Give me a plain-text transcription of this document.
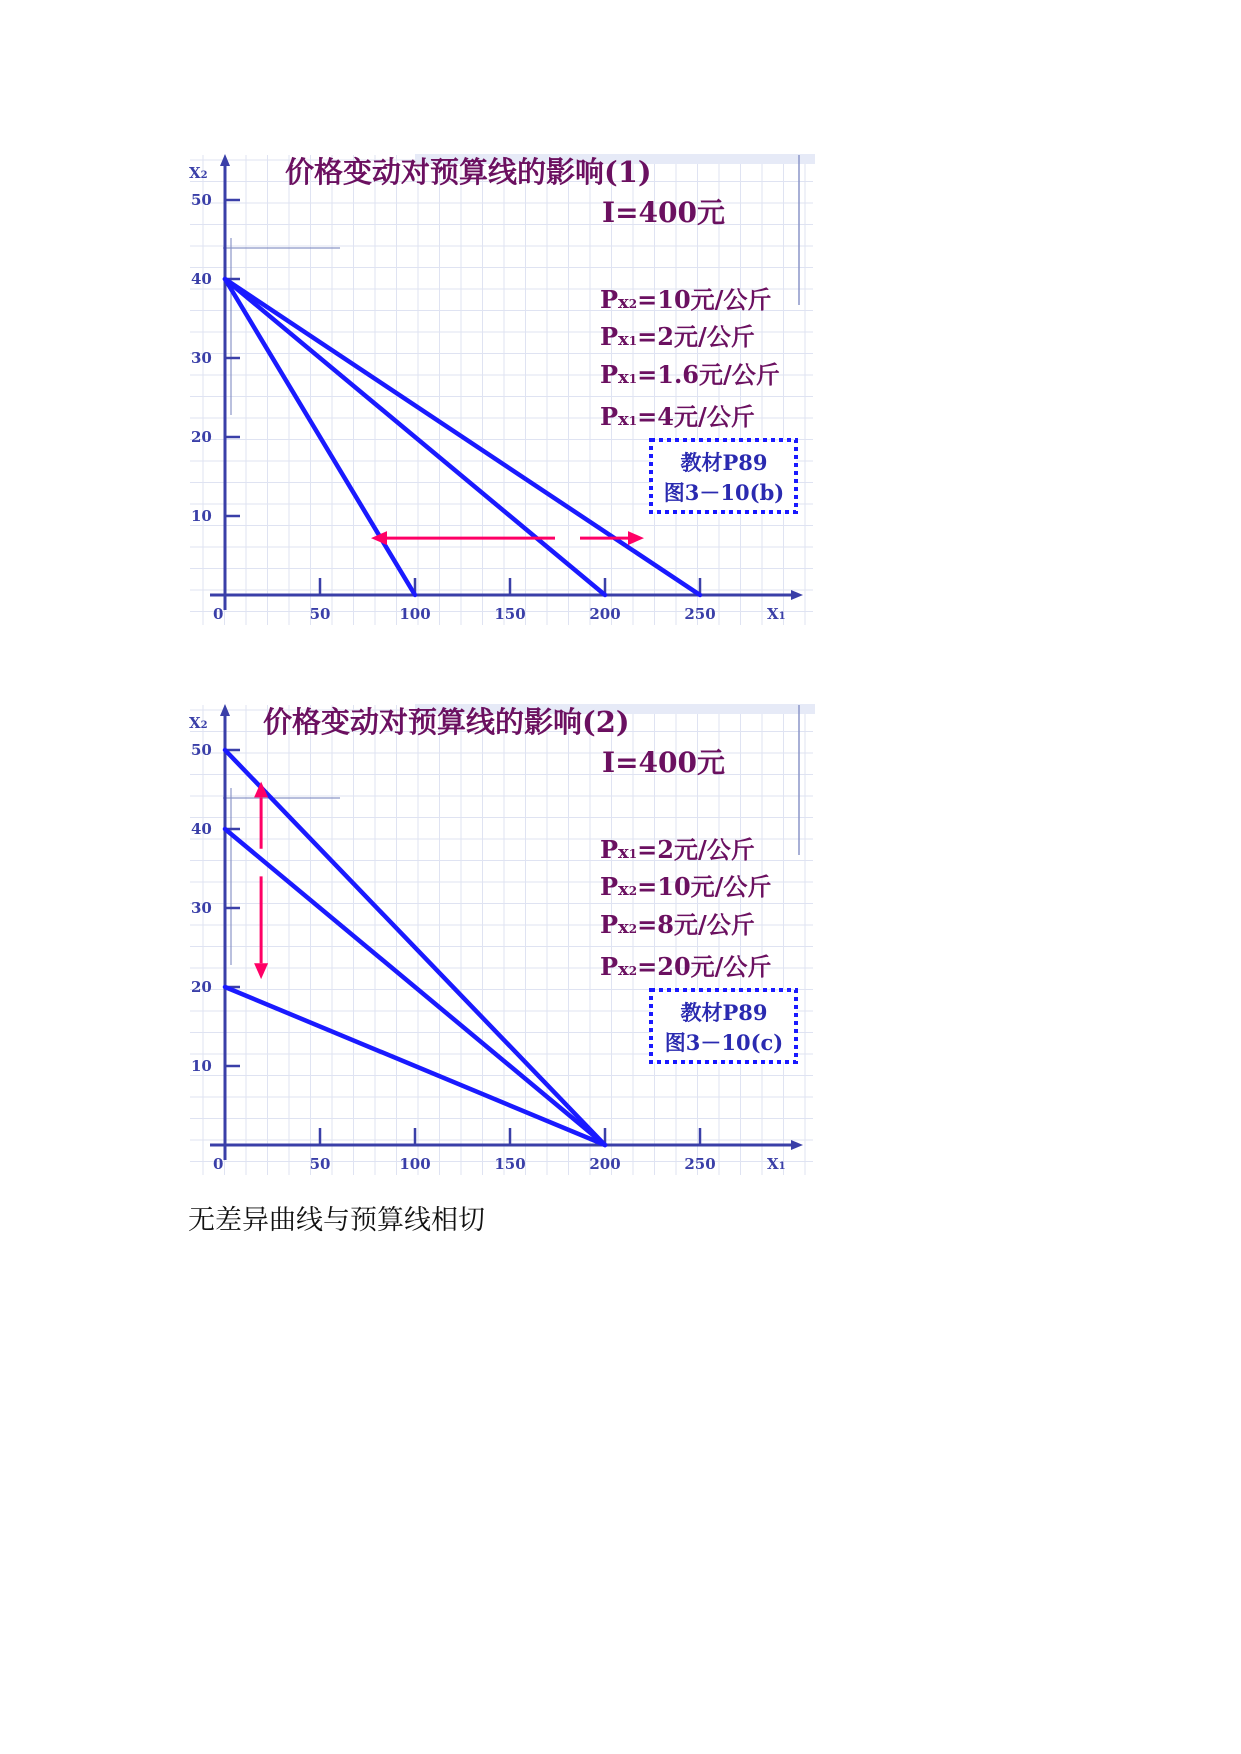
X2
X1
10
20
30
40
50
0	50	100	150	200	250
价格变动对预算线的影响(1)
I=400元
Px2=10元/公斤
Px1=2元/公斤
Px1=1.6元/公斤
Px1=4元/公斤
教材P89
图3－10(b)
X2
X1
10
20
30
40
50
0	50	100	150	200	250
价格变动对预算线的影响(2)
I=400元
Px1=2元/公斤
Px2=10元/公斤
Px2=8元/公斤
Px2=20元/公斤
教材P89
图3－10(c)
无差异曲线与预算线相切
